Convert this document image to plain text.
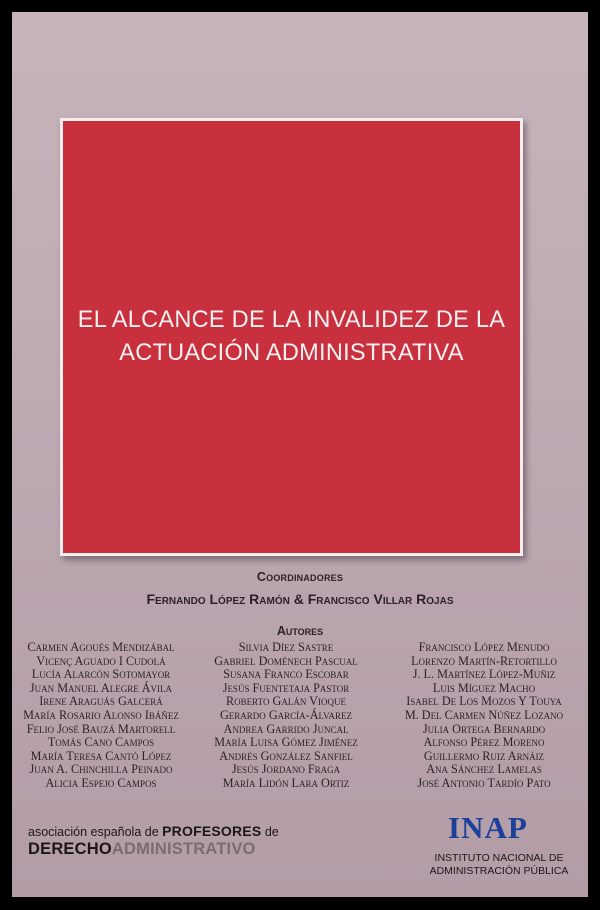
EL ALCANCE DE LA INVALIDEZ DE LA
ACTUACIÓN ADMINISTRATIVA
Coordinadores
Fernando López Ramón & Francisco Villar Rojas
Autores
Carmen Agoués Mendizábal
Vicenç Aguado I Cudolá
Lucía Alarcón Sotomayor
Juan Manuel Alegre Ávila
Irene Araguás Galcerá
María Rosario Alonso Ibáñez
Felio José Bauzá Martorell
Tomás Cano Campos
María Teresa Cantó López
Juan A. Chinchilla Peinado
Alicia Espejo Campos
Silvia Díez Sastre
Gabriel Doménech Pascual
Susana Franco Escobar
Jesús Fuentetaja Pastor
Roberto Galán Vioque
Gerardo García-Álvarez
Andrea Garrido Juncal
María Luisa Gómez Jiménez
Andrés González Sanfiel
Jesús Jordano Fraga
María Lidón Lara Ortiz
Francisco López Menudo
Lorenzo Martín-Retortillo
J. L. Martínez López-Muñiz
Luis Míguez Macho
Isabel De Los Mozos Y Touya
M. Del Carmen Núñez Lozano
Julia Ortega Bernardo
Alfonso Pérez Moreno
Guillermo Ruiz Arnáiz
Ana Sánchez Lamelas
José Antonio Tardío Pato
asociación española de PROFESORES de
DERECHOADMINISTRATIVO
INAP
INSTITUTO NACIONAL DE
ADMINISTRACIÓN PÚBLICA
